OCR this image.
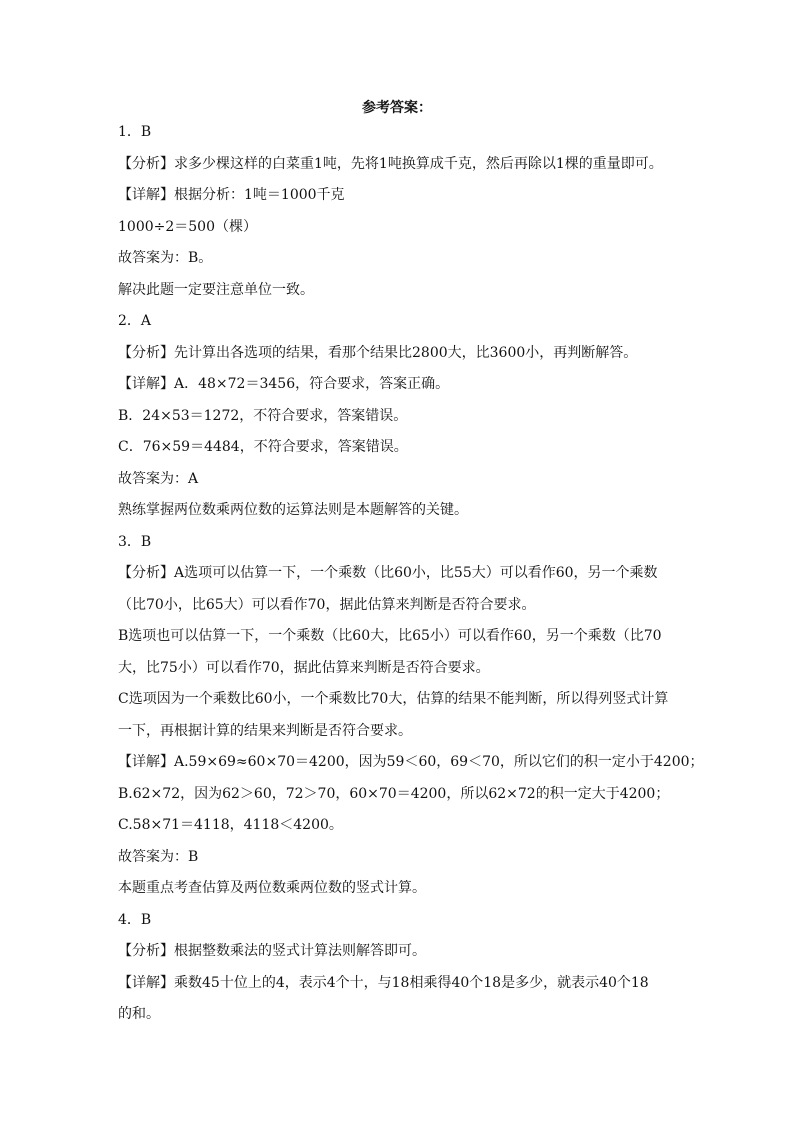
参考答案：
1．B
【分析】求多少棵这样的白菜重1吨，先将1吨换算成千克，然后再除以1棵的重量即可。
【详解】根据分析：1吨＝1000千克
1000÷2＝500（棵）
故答案为：B。
解决此题一定要注意单位一致。
2．A
【分析】先计算出各选项的结果，看那个结果比2800大，比3600小，再判断解答。
【详解】A．48×72＝3456，符合要求，答案正确。
B．24×53＝1272，不符合要求，答案错误。
C．76×59＝4484，不符合要求，答案错误。
故答案为：A
熟练掌握两位数乘两位数的运算法则是本题解答的关键。
3．B
【分析】A选项可以估算一下，一个乘数（比60小，比55大）可以看作60，另一个乘数
（比70小，比65大）可以看作70，据此估算来判断是否符合要求。
B选项也可以估算一下，一个乘数（比60大，比65小）可以看作60，另一个乘数（比70
大，比75小）可以看作70，据此估算来判断是否符合要求。
C选项因为一个乘数比60小，一个乘数比70大，估算的结果不能判断，所以得列竖式计算
一下，再根据计算的结果来判断是否符合要求。
【详解】A.59×69≈60×70＝4200，因为59＜60，69＜70，所以它们的积一定小于4200；
B.62×72，因为62＞60，72＞70，60×70＝4200，所以62×72的积一定大于4200；
C.58×71＝4118，4118＜4200。
故答案为：B
本题重点考查估算及两位数乘两位数的竖式计算。
4．B
【分析】根据整数乘法的竖式计算法则解答即可。
【详解】乘数45十位上的4，表示4个十，与18相乘得40个18是多少，就表示40个18
的和。
